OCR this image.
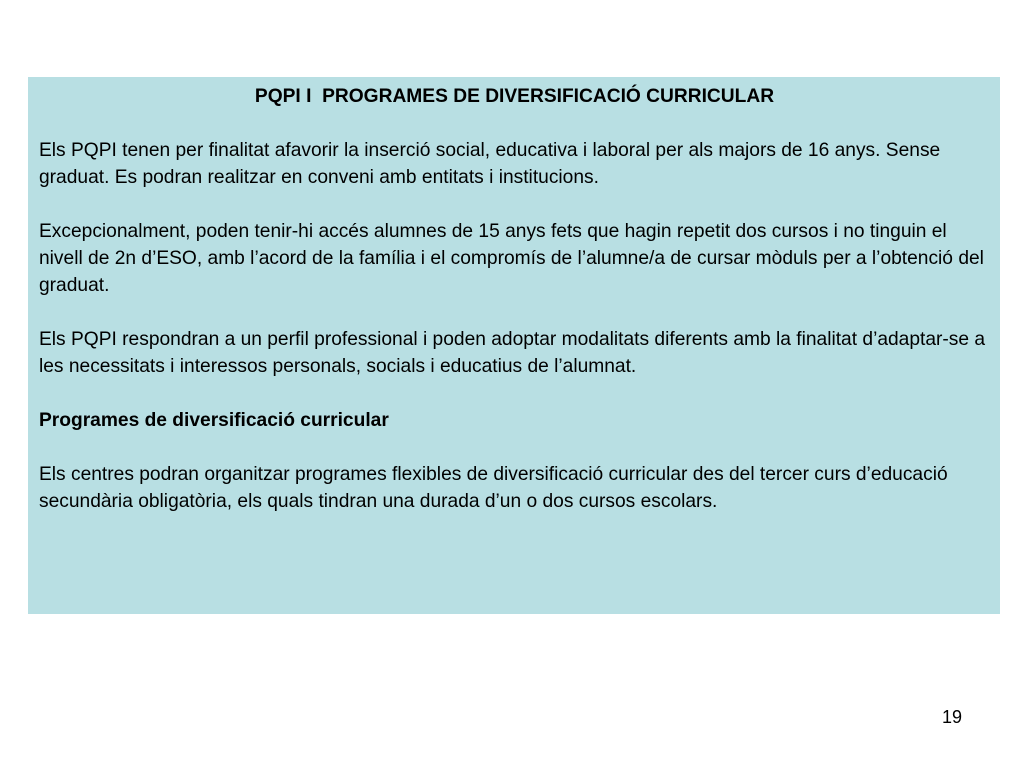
PQPI I  PROGRAMES DE DIVERSIFICACIÓ CURRICULAR

Els PQPI tenen per finalitat afavorir la inserció social, educativa i laboral per als majors de 16 anys. Sense graduat. Es podran realitzar en conveni amb entitats i institucions.

Excepcionalment, poden tenir-hi accés alumnes de 15 anys fets que hagin repetit dos cursos i no tinguin el nivell de 2n d’ESO, amb l’acord de la família i el compromís de l’alumne/a de cursar mòduls per a l’obtenció del graduat.

Els PQPI respondran a un perfil professional i poden adoptar modalitats diferents amb la finalitat d’adaptar-se a les necessitats i interessos personals, socials i educatius de l’alumnat.

Programes de diversificació curricular

Els centres podran organitzar programes flexibles de diversificació curricular des del tercer curs d’educació secundària obligatòria, els quals tindran una durada d’un o dos cursos escolars.

19
